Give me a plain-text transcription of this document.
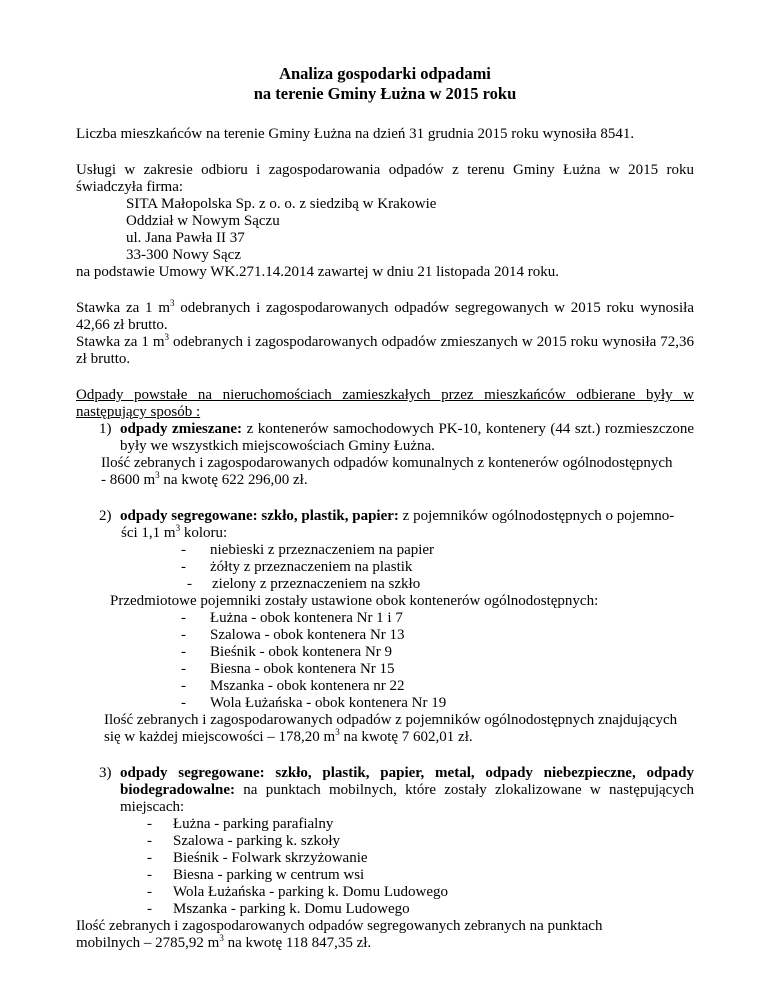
Analiza gospodarki odpadami
na terenie Gminy Łużna w 2015 roku

Liczba mieszkańców na terenie Gminy Łużna na dzień 31 grudnia 2015 roku wynosiła 8541.

Usługi w zakresie odbioru i zagospodarowania odpadów z terenu Gminy Łużna w 2015 roku świadczyła firma:

SITA Małopolska Sp. z o. o. z siedzibą w Krakowie
Oddział w Nowym Sączu
ul. Jana Pawła II 37
33-300 Nowy Sącz

na podstawie Umowy WK.271.14.2014 zawartej w dniu 21 listopada 2014 roku.

Stawka za 1 $m^3$ odebranych i zagospodarowanych odpadów segregowanych w 2015 roku wynosiła 42,66 zł brutto.

Stawka za 1 $m^3$ odebranych i zagospodarowanych odpadów zmieszanych w 2015 roku wynosiła 72,36 zł brutto.

Odpady powstałe na nieruchomościach zamieszkałych przez mieszkańców odbierane były w następujący sposób :

1) odpady zmieszane: z kontenerów samochodowych PK-10, kontenery (44 szt.) rozmieszczone były we wszystkich miejscowościach Gminy Łużna.

Ilość zebranych i zagospodarowanych odpadów komunalnych z kontenerów ogólnodostępnych
- 8600 $m^3$ na kwotę 622 296,00 zł.
2) odpady segregowane: szkło, plastik, papier: z pojemników ogólnodostępnych o pojemno-
ści 1,1 $m^3$ koloru:
- niebieski z przeznaczeniem na papier
- żółty z przeznaczeniem na plastik
- zielony z przeznaczeniem na szkło
Przedmiotowe pojemniki zostały ustawione obok kontenerów ogólnodostępnych:
- Łużna - obok kontenera Nr 1 i 7
- Szalowa - obok kontenera Nr 13
- Bieśnik - obok kontenera Nr 9
- Biesna - obok kontenera Nr 15
- Mszanka - obok kontenera nr 22
- Wola Łużańska - obok kontenera Nr 19
Ilość zebranych i zagospodarowanych odpadów z pojemników ogólnodostępnych znajdujących
się w każdej miejscowości – 178,20 $m^3$ na kwotę 7 602,01 zł.
3) odpady segregowane: szkło, plastik, papier, metal, odpady niebezpieczne, odpady biodegradowalne: na punktach mobilnych, które zostały zlokalizowane w następujących miejscach:

- Łużna - parking parafialny
- Szalowa - parking k. szkoły
- Bieśnik - Folwark skrzyżowanie
- Biesna - parking w centrum wsi
- Wola Łużańska - parking k. Domu Ludowego
- Mszanka - parking k. Domu Ludowego

Ilość zebranych i zagospodarowanych odpadów segregowanych zebranych na punktach

mobilnych – 2785,92 $m^3$ na kwotę 118 847,35 zł.
